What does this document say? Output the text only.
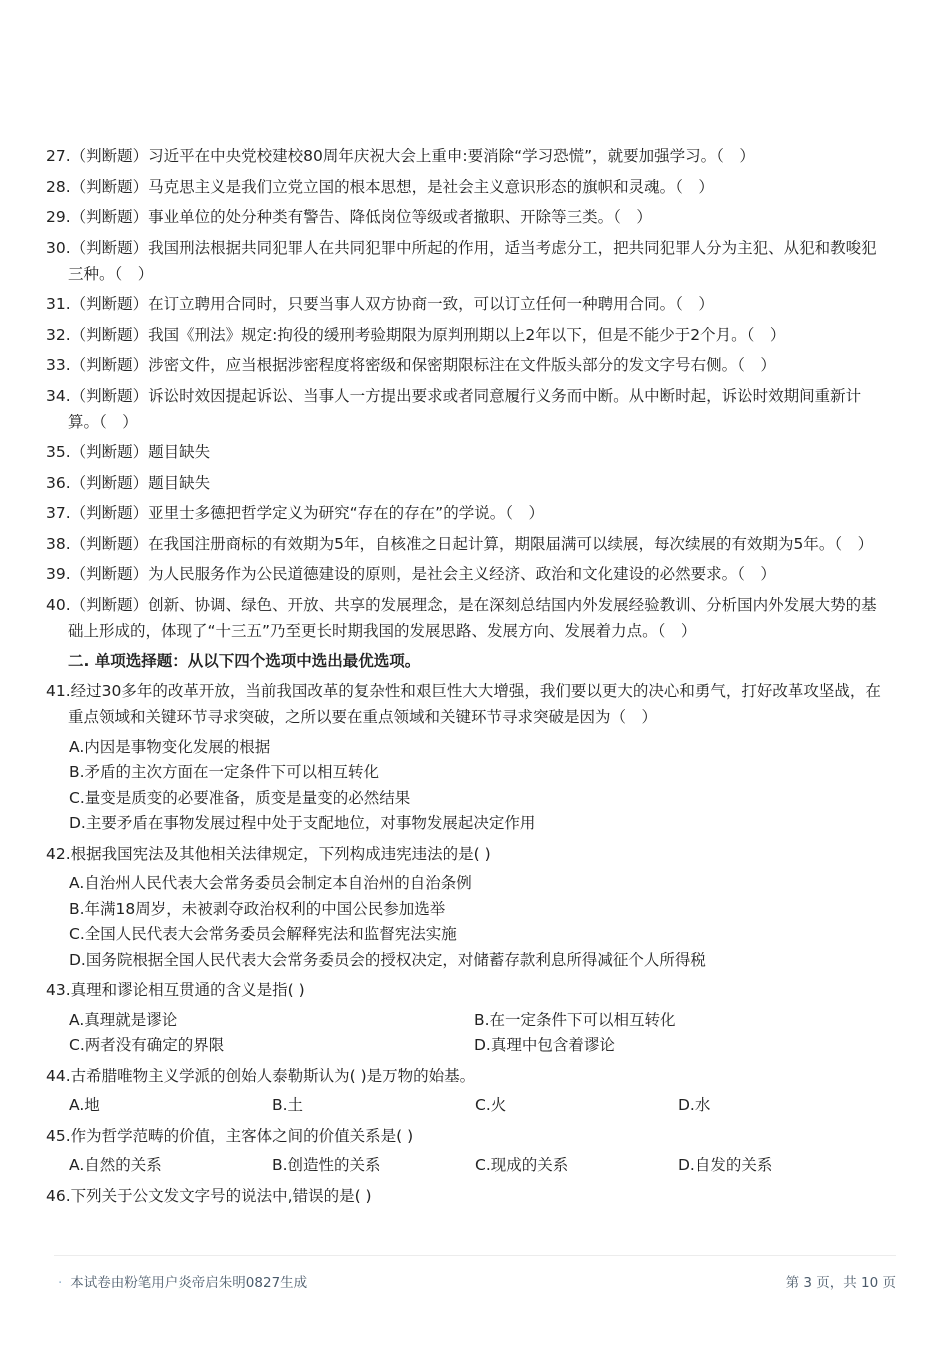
27.（判断题）习近平在中央党校建校80周年庆祝大会上重申:要消除“学习恐慌”，就要加强学习。（　）
28.（判断题）马克思主义是我们立党立国的根本思想，是社会主义意识形态的旗帜和灵魂。（　）
29.（判断题）事业单位的处分种类有警告、降低岗位等级或者撤职、开除等三类。（　）
30.（判断题）我国刑法根据共同犯罪人在共同犯罪中所起的作用，适当考虑分工，把共同犯罪人分为主犯、从犯和教唆犯三种。（　）
31.（判断题）在订立聘用合同时，只要当事人双方协商一致，可以订立任何一种聘用合同。（　）
32.（判断题）我国《刑法》规定:拘役的缓刑考验期限为原判刑期以上2年以下，但是不能少于2个月。（　）
33.（判断题）涉密文件，应当根据涉密程度将密级和保密期限标注在文件版头部分的发文字号右侧。（　）
34.（判断题）诉讼时效因提起诉讼、当事人一方提出要求或者同意履行义务而中断。从中断时起，诉讼时效期间重新计算。（　）
35.（判断题）题目缺失
36.（判断题）题目缺失
37.（判断题）亚里士多德把哲学定义为研究“存在的存在”的学说。（　）
38.（判断题）在我国注册商标的有效期为5年，自核准之日起计算，期限届满可以续展，每次续展的有效期为5年。（　）
39.（判断题）为人民服务作为公民道德建设的原则，是社会主义经济、政治和文化建设的必然要求。（　）
40.（判断题）创新、协调、绿色、开放、共享的发展理念，是在深刻总结国内外发展经验教训、分析国内外发展大势的基础上形成的，体现了“十三五”乃至更长时期我国的发展思路、发展方向、发展着力点。（　）
二. 单项选择题：从以下四个选项中选出最优选项。
41.经过30多年的改革开放，当前我国改革的复杂性和艰巨性大大增强，我们要以更大的决心和勇气，打好改革攻坚战，在重点领域和关键环节寻求突破，之所以要在重点领域和关键环节寻求突破是因为（　）
A.内因是事物变化发展的根据
B.矛盾的主次方面在一定条件下可以相互转化
C.量变是质变的必要准备，质变是量变的必然结果
D.主要矛盾在事物发展过程中处于支配地位，对事物发展起决定作用
42.根据我国宪法及其他相关法律规定，下列构成违宪违法的是( )
A.自治州人民代表大会常务委员会制定本自治州的自治条例
B.年满18周岁，未被剥夺政治权利的中国公民参加选举
C.全国人民代表大会常务委员会解释宪法和监督宪法实施
D.国务院根据全国人民代表大会常务委员会的授权决定，对储蓄存款利息所得减征个人所得税
43.真理和谬论相互贯通的含义是指( )
A.真理就是谬论	B.在一定条件下可以相互转化
C.两者没有确定的界限	D.真理中包含着谬论
44.古希腊唯物主义学派的创始人泰勒斯认为( )是万物的始基。
A.地	B.土	C.火	D.水
45.作为哲学范畴的价值，主客体之间的价值关系是( )
A.自然的关系	B.创造性的关系	C.现成的关系	D.自发的关系
46.下列关于公文发文字号的说法中,错误的是( )
· 本试卷由粉笔用户炎帝启朱明0827生成	第 3 页，共 10 页
